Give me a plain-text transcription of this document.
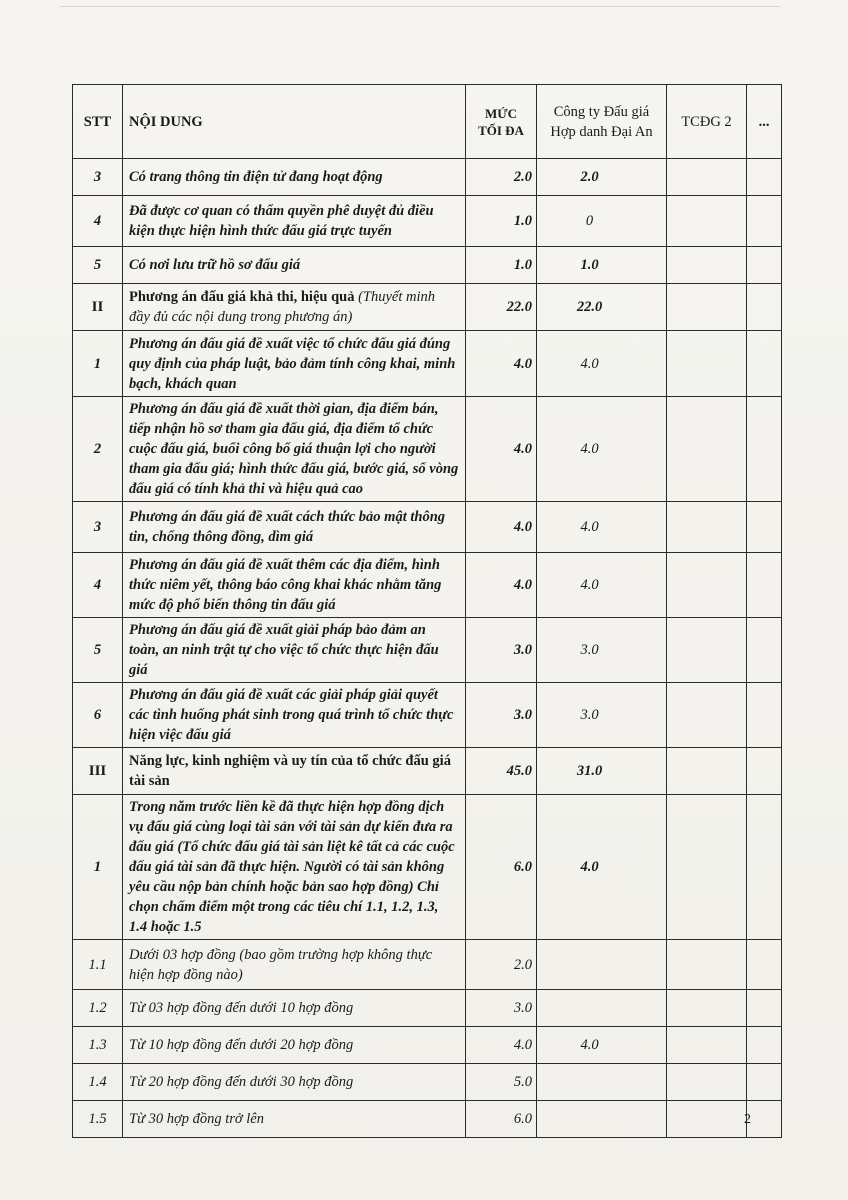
STT	NỘI DUNG	MỨC TỐI ĐA	Công ty Đấu giá Hợp danh Đại An	TCĐG 2	...
3	Có trang thông tin điện tử đang hoạt động	2.0	2.0		
4	Đã được cơ quan có thẩm quyền phê duyệt đủ điều kiện thực hiện hình thức đấu giá trực tuyến	1.0	0		
5	Có nơi lưu trữ hồ sơ đấu giá	1.0	1.0		
II	Phương án đấu giá khả thi, hiệu quả (Thuyết minh đầy đủ các nội dung trong phương án)	22.0	22.0		
1	Phương án đấu giá đề xuất việc tổ chức đấu giá đúng quy định của pháp luật, bảo đảm tính công khai, minh bạch, khách quan	4.0	4.0		
2	Phương án đấu giá đề xuất thời gian, địa điểm bán, tiếp nhận hồ sơ tham gia đấu giá, địa điểm tổ chức cuộc đấu giá, buổi công bố giá thuận lợi cho người tham gia đấu giá; hình thức đấu giá, bước giá, số vòng đấu giá có tính khả thi và hiệu quả cao	4.0	4.0		
3	Phương án đấu giá đề xuất cách thức bảo mật thông tin, chống thông đồng, dìm giá	4.0	4.0		
4	Phương án đấu giá đề xuất thêm các địa điểm, hình thức niêm yết, thông báo công khai khác nhằm tăng mức độ phổ biến thông tin đấu giá	4.0	4.0		
5	Phương án đấu giá đề xuất giải pháp bảo đảm an toàn, an ninh trật tự cho việc tổ chức thực hiện đấu giá	3.0	3.0		
6	Phương án đấu giá đề xuất các giải pháp giải quyết các tình huống phát sinh trong quá trình tổ chức thực hiện việc đấu giá	3.0	3.0		
III	Năng lực, kinh nghiệm và uy tín của tổ chức đấu giá tài sản	45.0	31.0		
1	Trong năm trước liền kề đã thực hiện hợp đồng dịch vụ đấu giá cùng loại tài sản với tài sản dự kiến đưa ra đấu giá (Tổ chức đấu giá tài sản liệt kê tất cả các cuộc đấu giá tài sản đã thực hiện. Người có tài sản không yêu cầu nộp bản chính hoặc bản sao hợp đồng) Chỉ chọn chấm điểm một trong các tiêu chí 1.1, 1.2, 1.3, 1.4 hoặc 1.5	6.0	4.0		
1.1	Dưới 03 hợp đồng (bao gồm trường hợp không thực hiện hợp đồng nào)	2.0			
1.2	Từ 03 hợp đồng đến dưới 10 hợp đồng	3.0			
1.3	Từ 10 hợp đồng đến dưới 20 hợp đồng	4.0	4.0		
1.4	Từ 20 hợp đồng đến dưới 30 hợp đồng	5.0			
1.5	Từ 30 hợp đồng trở lên	6.0				2
